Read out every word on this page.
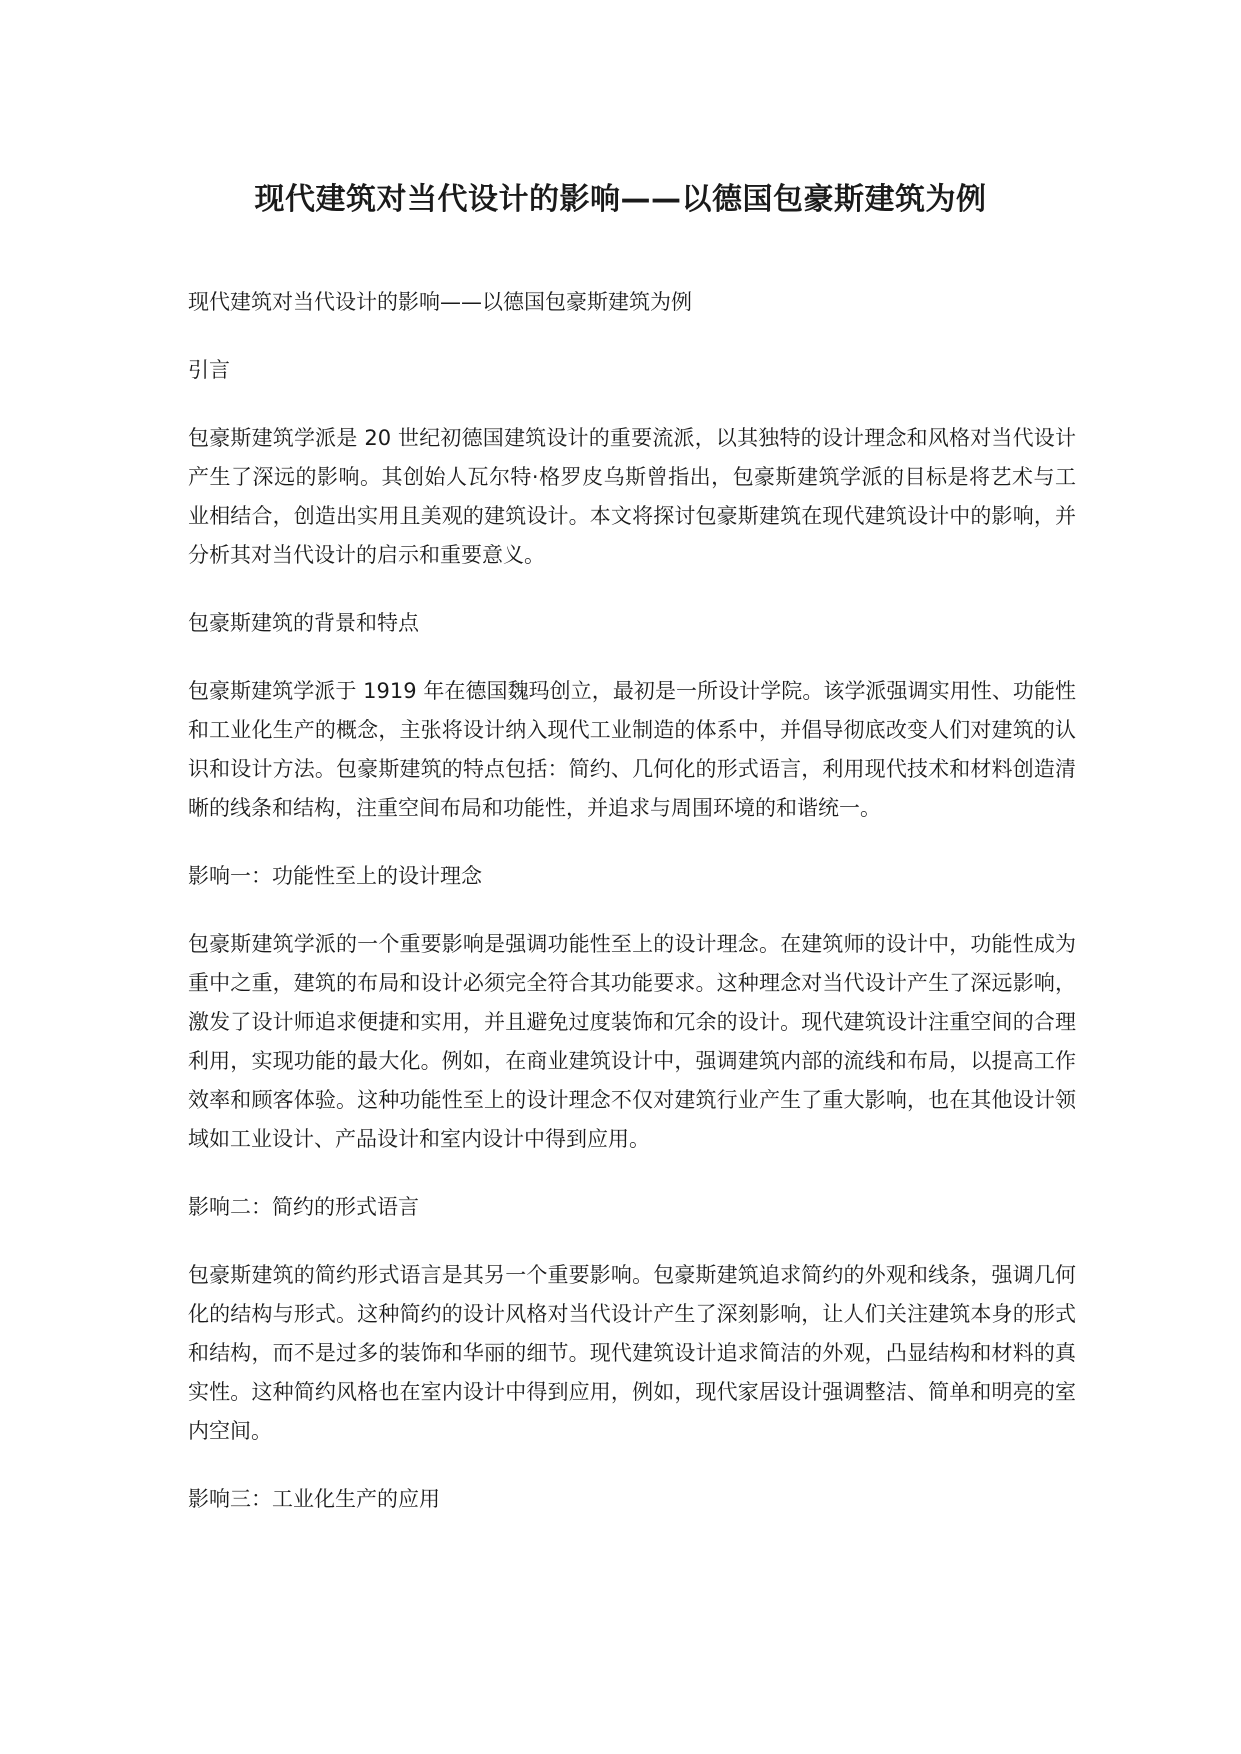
现代建筑对当代设计的影响——以德国包豪斯建筑为例

现代建筑对当代设计的影响——以德国包豪斯建筑为例

引言

包豪斯建筑学派是 20 世纪初德国建筑设计的重要流派，以其独特的设计理念和风格对当代设计产生了深远的影响。其创始人瓦尔特·格罗皮乌斯曾指出，包豪斯建筑学派的目标是将艺术与工业相结合，创造出实用且美观的建筑设计。本文将探讨包豪斯建筑在现代建筑设计中的影响，并分析其对当代设计的启示和重要意义。

包豪斯建筑的背景和特点

包豪斯建筑学派于 1919 年在德国魏玛创立，最初是一所设计学院。该学派强调实用性、功能性和工业化生产的概念，主张将设计纳入现代工业制造的体系中，并倡导彻底改变人们对建筑的认识和设计方法。包豪斯建筑的特点包括：简约、几何化的形式语言，利用现代技术和材料创造清晰的线条和结构，注重空间布局和功能性，并追求与周围环境的和谐统一。

影响一：功能性至上的设计理念

包豪斯建筑学派的一个重要影响是强调功能性至上的设计理念。在建筑师的设计中，功能性成为重中之重，建筑的布局和设计必须完全符合其功能要求。这种理念对当代设计产生了深远影响，激发了设计师追求便捷和实用，并且避免过度装饰和冗余的设计。现代建筑设计注重空间的合理利用，实现功能的最大化。例如，在商业建筑设计中，强调建筑内部的流线和布局，以提高工作效率和顾客体验。这种功能性至上的设计理念不仅对建筑行业产生了重大影响，也在其他设计领域如工业设计、产品设计和室内设计中得到应用。

影响二：简约的形式语言

包豪斯建筑的简约形式语言是其另一个重要影响。包豪斯建筑追求简约的外观和线条，强调几何化的结构与形式。这种简约的设计风格对当代设计产生了深刻影响，让人们关注建筑本身的形式和结构，而不是过多的装饰和华丽的细节。现代建筑设计追求简洁的外观，凸显结构和材料的真实性。这种简约风格也在室内设计中得到应用，例如，现代家居设计强调整洁、简单和明亮的室内空间。

影响三：工业化生产的应用
